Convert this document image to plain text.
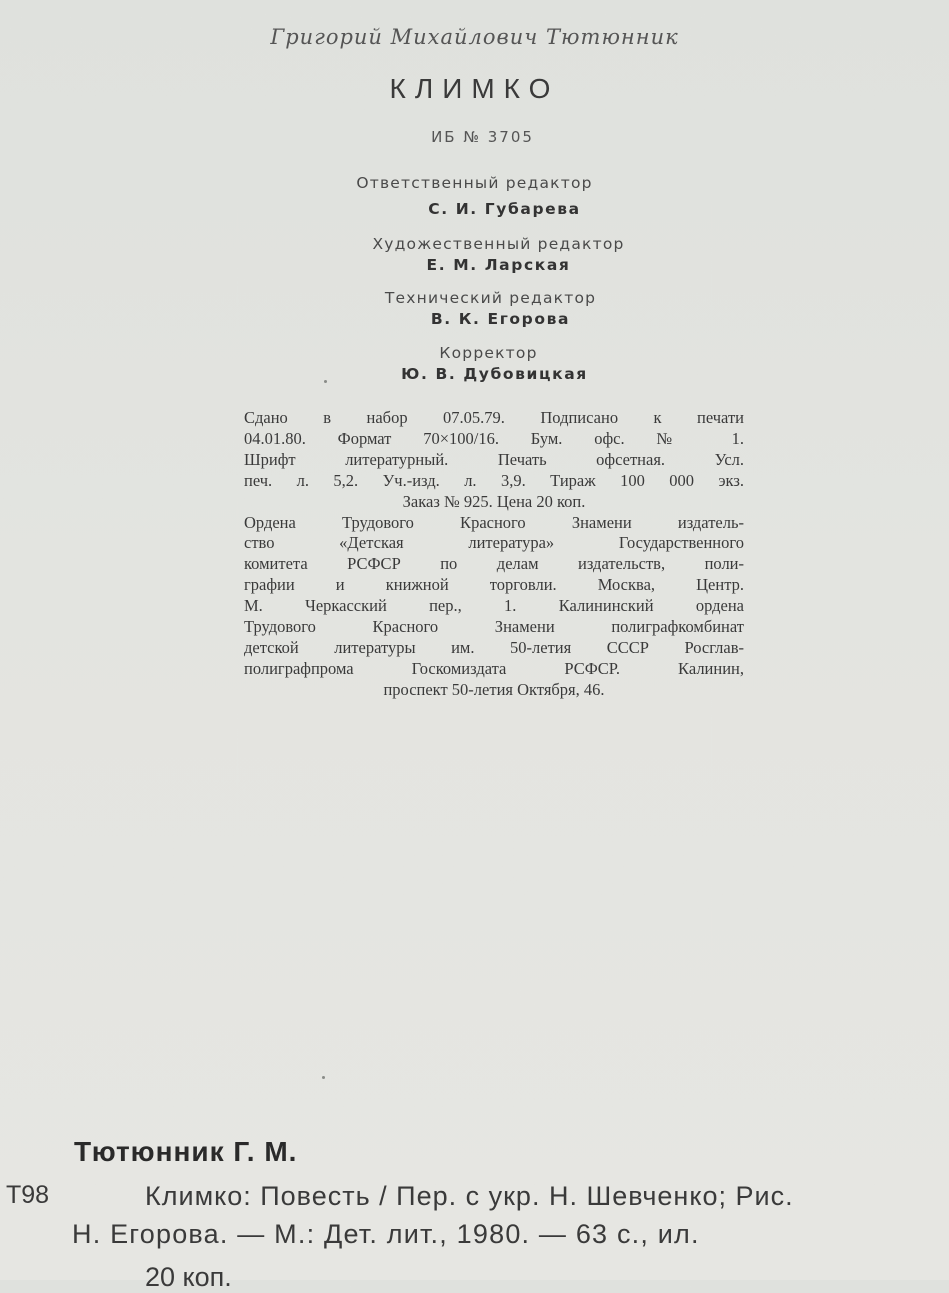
Григорий Михайлович Тютюнник
КЛИМКО
ИБ № 3705
Ответственный редактор
С. И. Губарева
Художественный редактор
Е. М. Ларская
Технический редактор
В. К. Егорова
Корректор
Ю. В. Дубовицкая
Сдано в набор 07.05.79. Подписано к печати
04.01.80. Формат 70×100/16. Бум. офс. № 1.
Шрифт литературный. Печать офсетная. Усл.
печ. л. 5,2. Уч.-изд. л. 3,9. Тираж 100 000 экз.
Заказ № 925. Цена 20 коп.
Ордена Трудового Красного Знамени издатель-
ство «Детская литература» Государственного
комитета РСФСР по делам издательств, поли-
графии и книжной торговли. Москва, Центр.
М. Черкасский пер., 1. Калининский ордена
Трудового Красного Знамени полиграфкомбинат
детской литературы им. 50-летия СССР Росглав-
полиграфпрома Госкомиздата РСФСР. Калинин,
проспект 50-летия Октября, 46.
Тютюнник Г. М.
Т98	Климко: Повесть / Пер. с укр. Н. Шевченко; Рис.
Н. Егорова. — М.: Дет. лит., 1980. — 63 с., ил.
20 коп.
